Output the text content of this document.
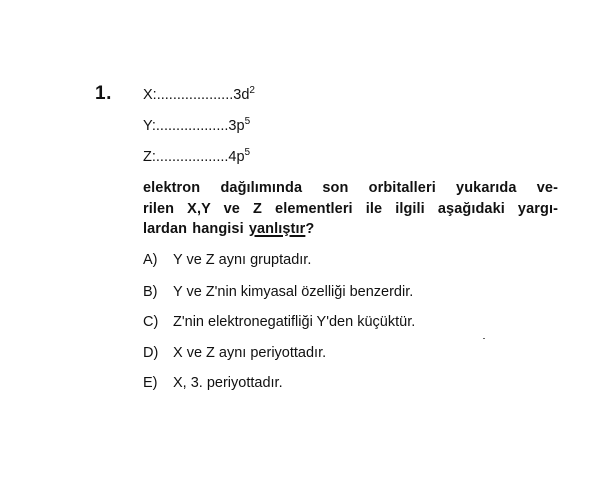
1. $X:...................3d^2$
$Y:..................3p^5$
$Z:..................4p^5$
elektron dağılımında son orbitalleri yukarıda ve-
rilen X,Y ve Z elementleri ile ilgili aşağıdaki yargı-
lardan hangisi yanlıştır?
A) Y ve Z aynı gruptadır.
B) Y ve Z'nin kimyasal özelliği benzerdir.
C) Z'nin elektronegatifliği Y'den küçüktür.
D) X ve Z aynı periyottadır.
E) X, 3. periyottadır.
